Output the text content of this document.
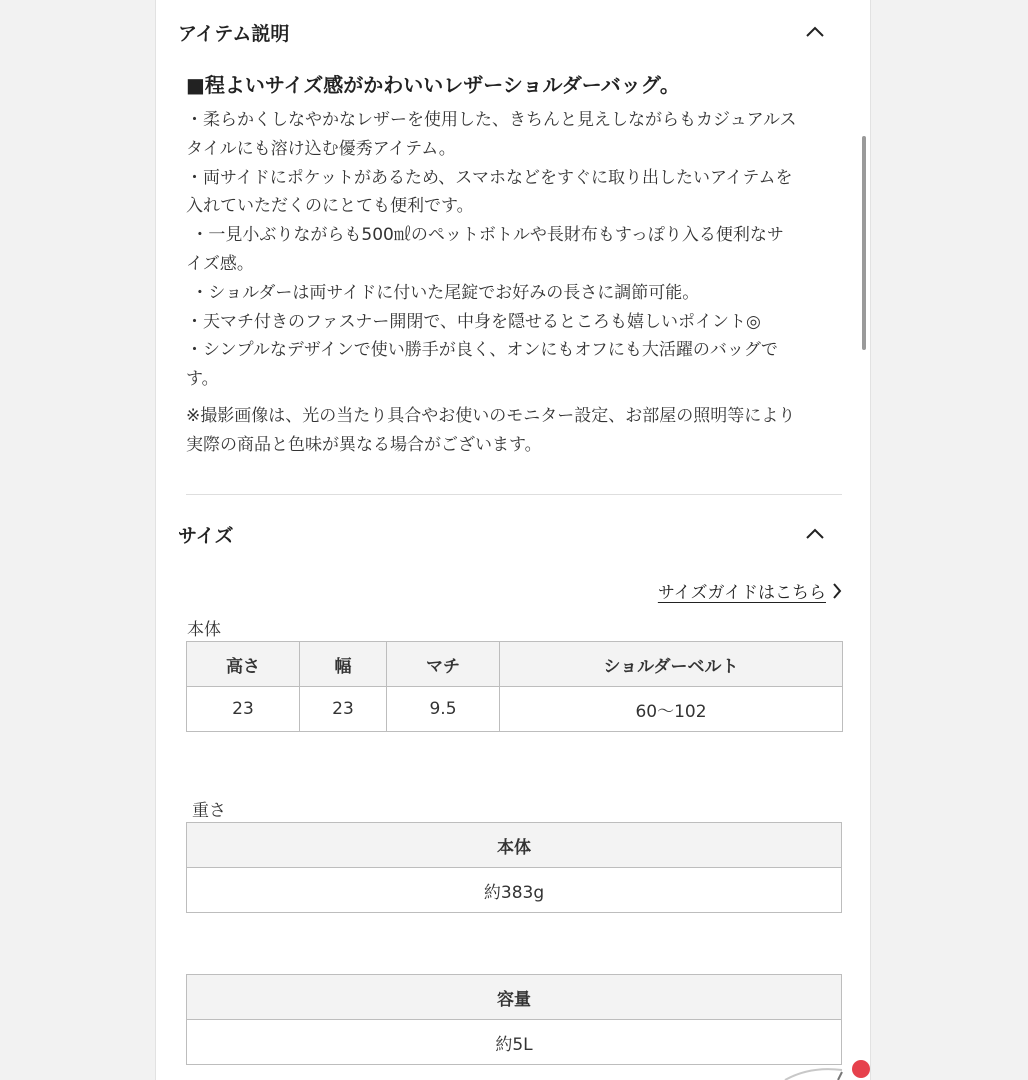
アイテム説明

■程よいサイズ感がかわいいレザーショルダーバッグ。

・柔らかくしなやかなレザーを使用した、きちんと見えしながらもカジュアルス

タイルにも溶け込む優秀アイテム。

・両サイドにポケットがあるため、スマホなどをすぐに取り出したいアイテムを

入れていただくのにとても便利です。

・一見小ぶりながらも500㎖のペットボトルや長財布もすっぽり入る便利なサ

イズ感。

・ショルダーは両サイドに付いた尾錠でお好みの長さに調節可能。

・天マチ付きのファスナー開閉で、中身を隠せるところも嬉しいポイント◎

・シンプルなデザインで使い勝手が良く、オンにもオフにも大活躍のバッグで

す。

※撮影画像は、光の当たり具合やお使いのモニター設定、お部屋の照明等により

実際の商品と色味が異なる場合がございます。

サイズ
サイズガイドはこちら
本体
高さ	幅	マチ	ショルダーベルト
23	23	9.5	60〜102
重さ
本体
約383g
容量
約5L
